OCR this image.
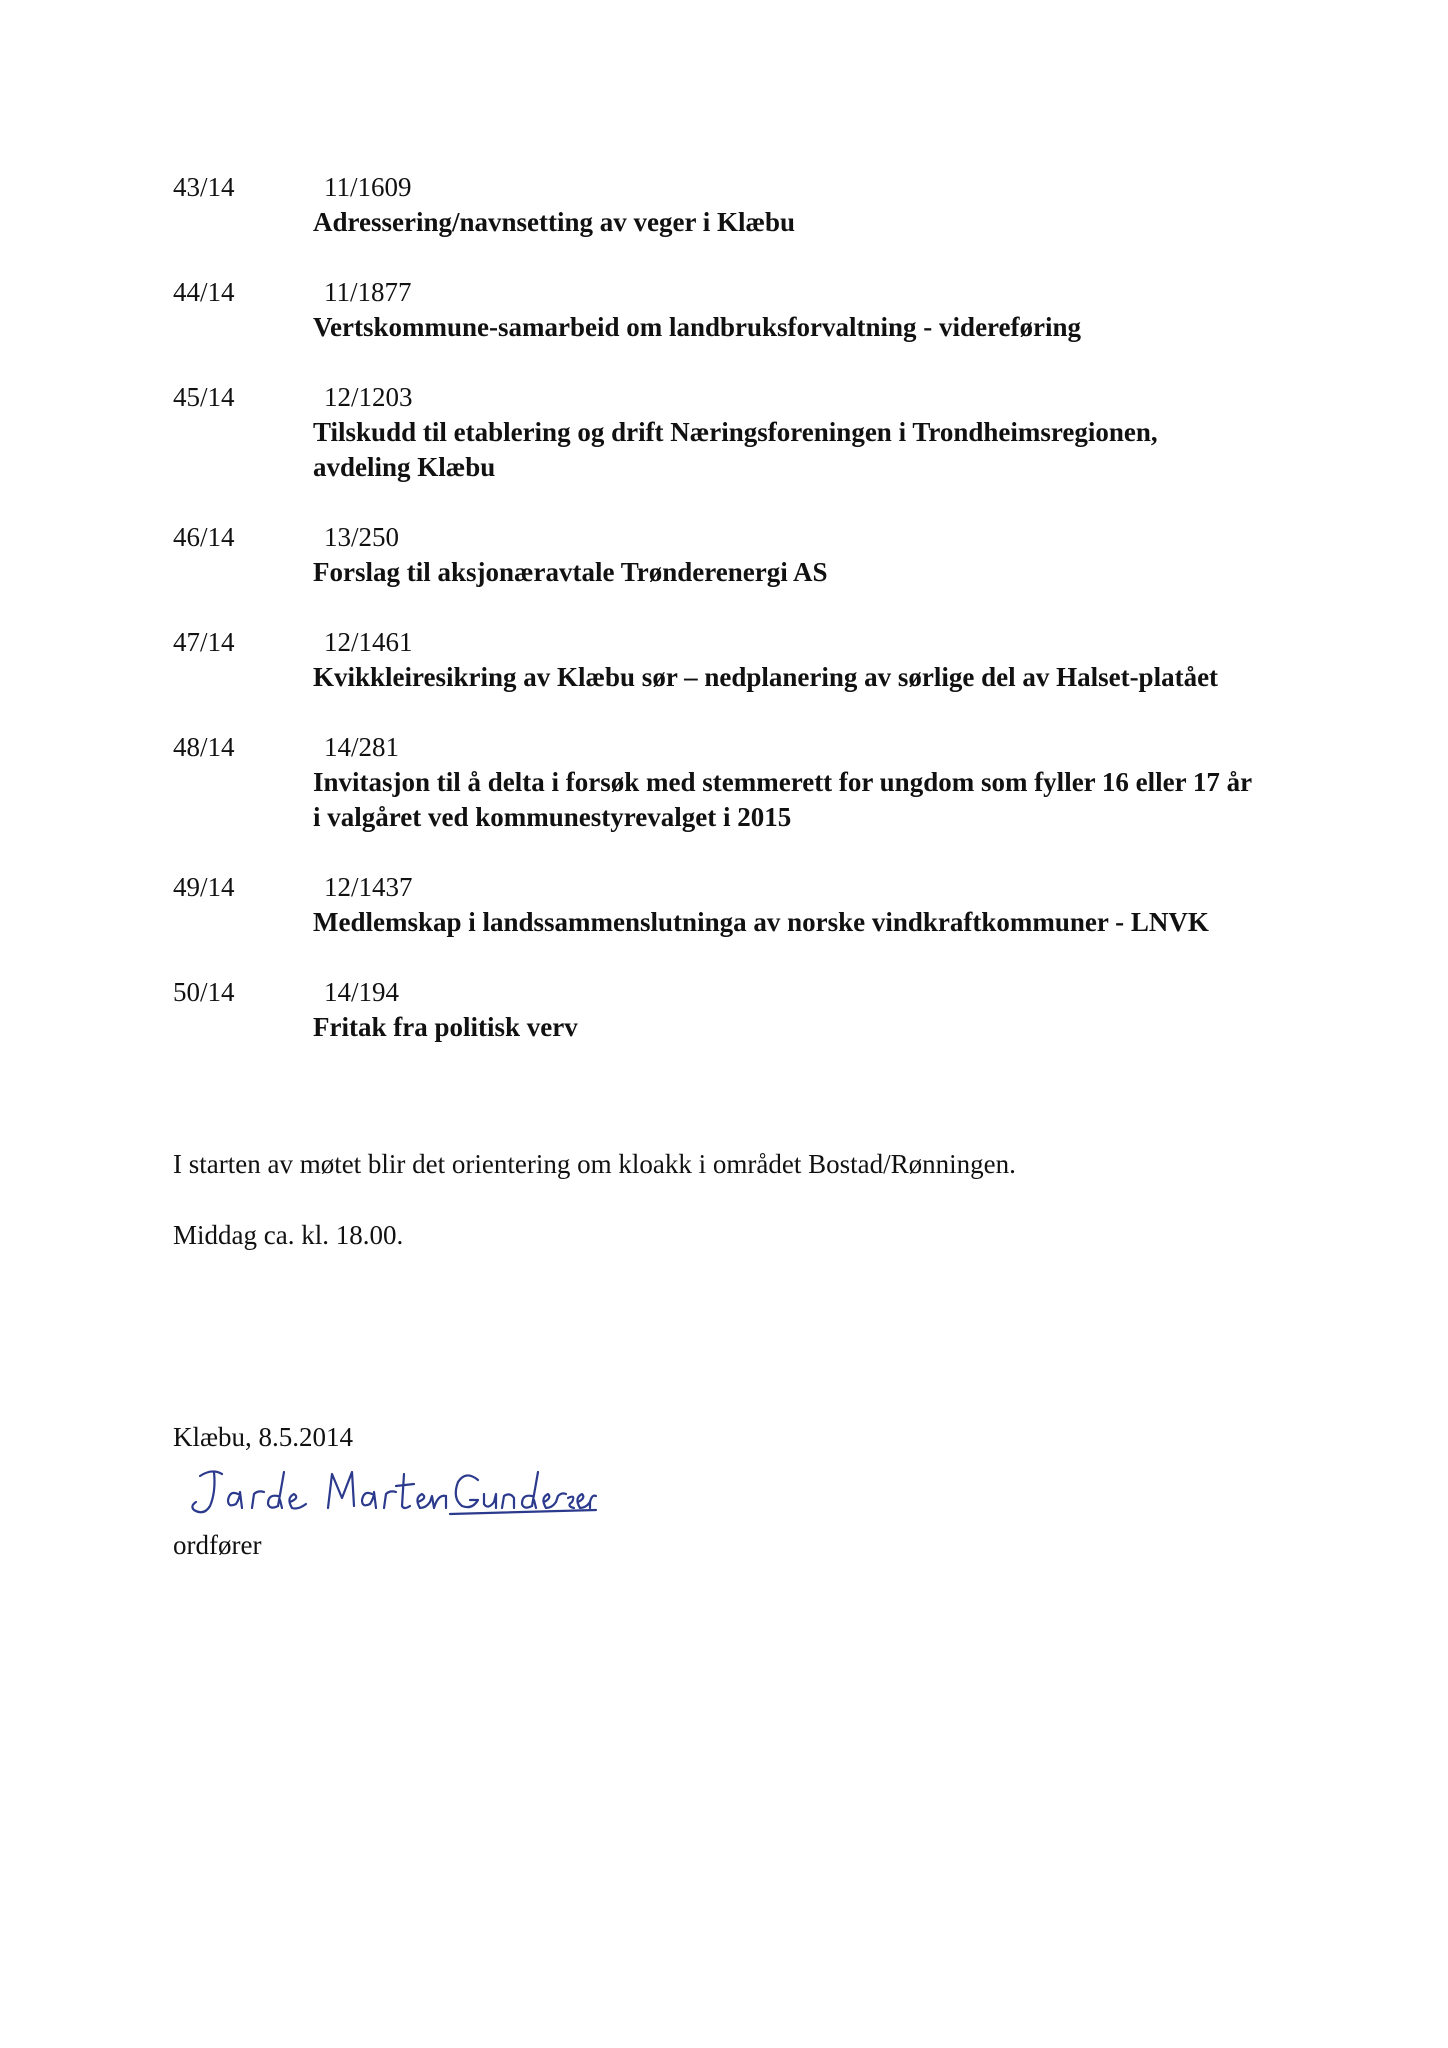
43/14	11/1609
Adressering/navnsetting av veger i Klæbu
44/14	11/1877
Vertskommune-samarbeid om landbruksforvaltning - videreføring
45/14	12/1203
Tilskudd til etablering og drift Næringsforeningen i Trondheimsregionen, avdeling Klæbu
46/14	13/250
Forslag til aksjonæravtale Trønderenergi AS
47/14	12/1461
Kvikkleiresikring av Klæbu sør – nedplanering av sørlige del av Halset-platået
48/14	14/281
Invitasjon til å delta i forsøk med stemmerett for ungdom som fyller 16 eller 17 år i valgåret ved kommunestyrevalget i 2015
49/14	12/1437
Medlemskap i landssammenslutninga av norske vindkraftkommuner - LNVK
50/14	14/194
Fritak fra politisk verv

I starten av møtet blir det orientering om kloakk i området Bostad/Rønningen.

Middag ca. kl. 18.00.

Klæbu, 8.5.2014
ordfører
